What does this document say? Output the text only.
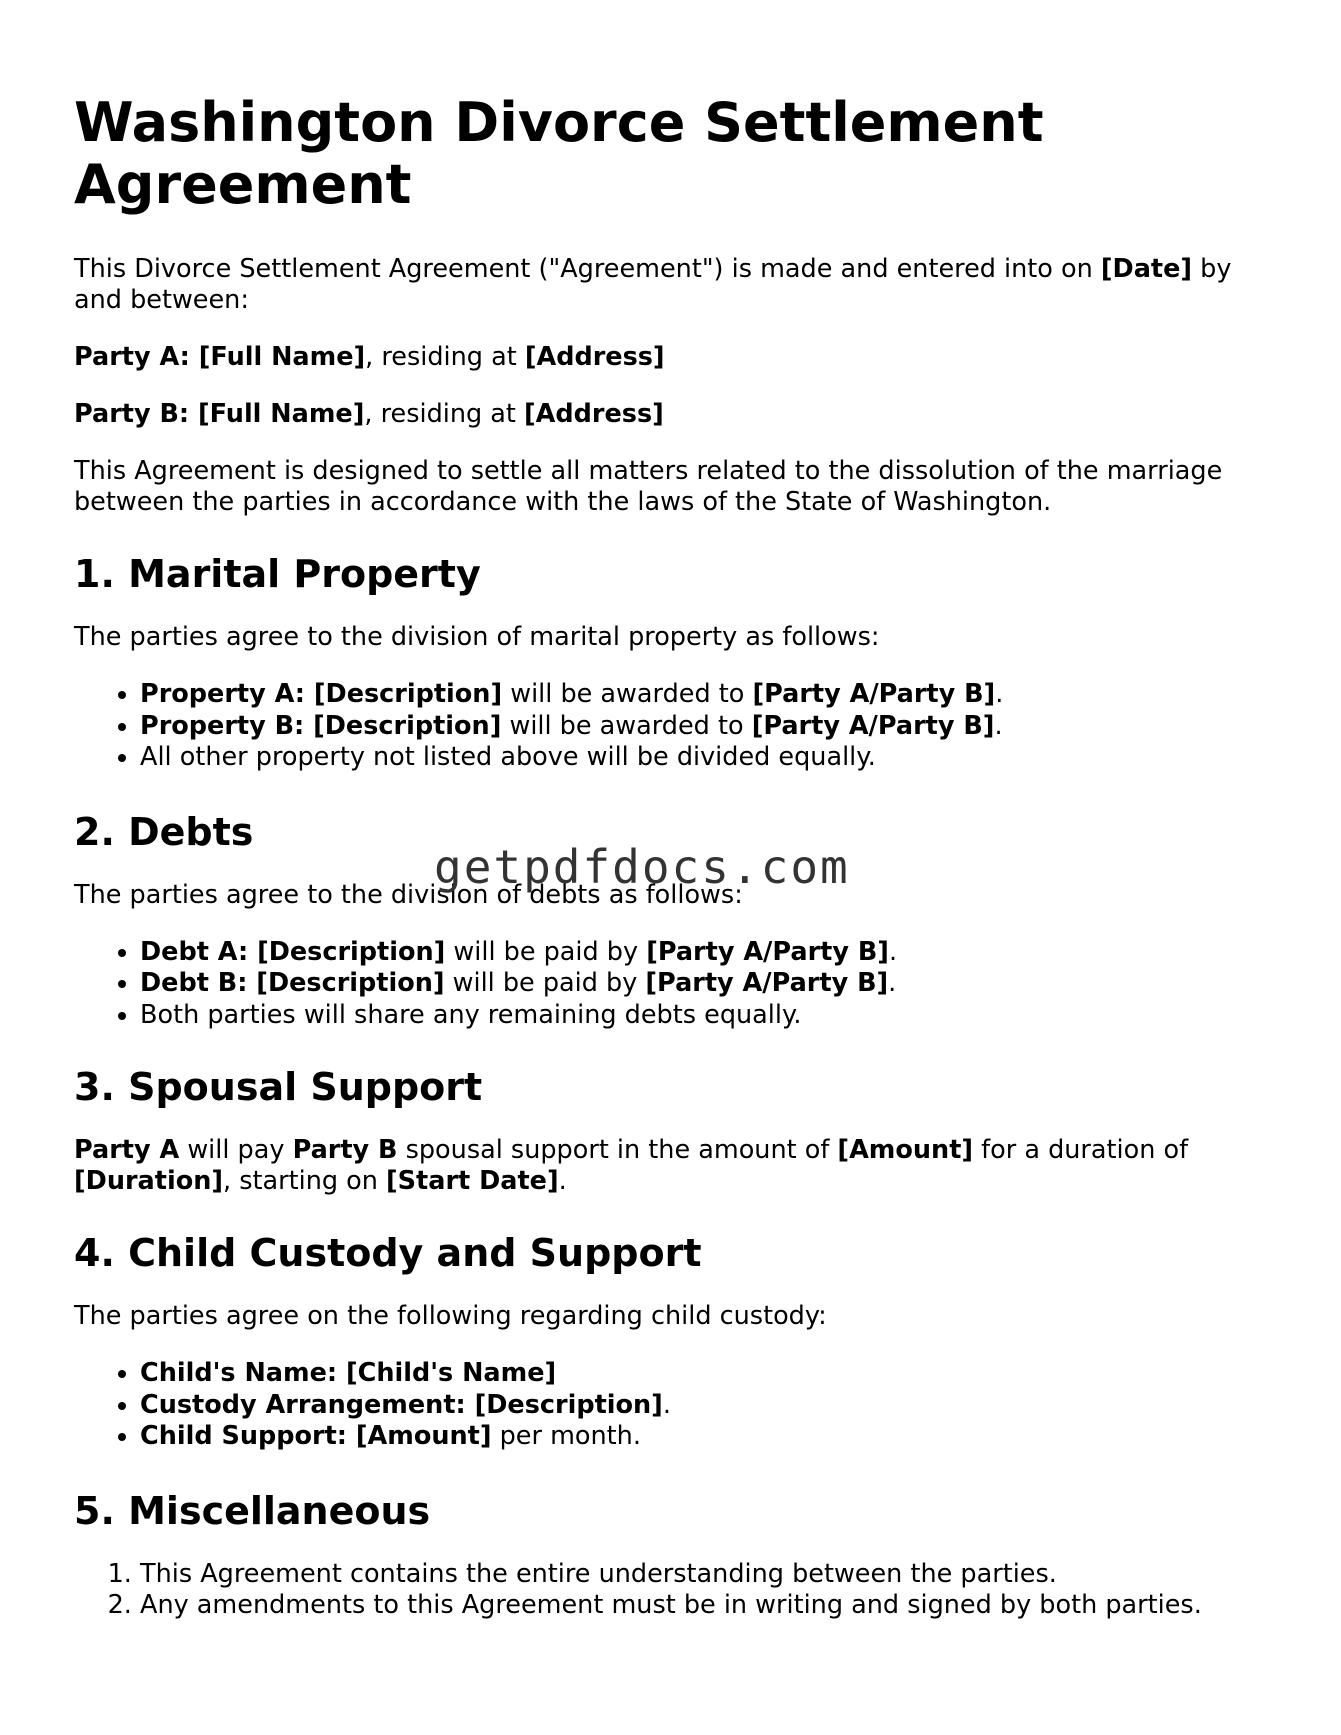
Washington Divorce Settlement Agreement

This Divorce Settlement Agreement ("Agreement") is made and entered into on [Date] by and between:

Party A: [Full Name], residing at [Address]

Party B: [Full Name], residing at [Address]

This Agreement is designed to settle all matters related to the dissolution of the marriage between the parties in accordance with the laws of the State of Washington.

1. Marital Property

The parties agree to the division of marital property as follows:

• Property A: [Description] will be awarded to [Party A/Party B].
• Property B: [Description] will be awarded to [Party A/Party B].
• All other property not listed above will be divided equally.
2. Debts

The parties agree to the division of debts as follows:

• Debt A: [Description] will be paid by [Party A/Party B].
• Debt B: [Description] will be paid by [Party A/Party B].
• Both parties will share any remaining debts equally.
3. Spousal Support

Party A will pay Party B spousal support in the amount of [Amount] for a duration of [Duration], starting on [Start Date].

4. Child Custody and Support

The parties agree on the following regarding child custody:

• Child's Name: [Child's Name]
• Custody Arrangement: [Description].
• Child Support: [Amount] per month.
5. Miscellaneous
1. This Agreement contains the entire understanding between the parties.
2. Any amendments to this Agreement must be in writing and signed by both parties.
getpdfdocs.com
